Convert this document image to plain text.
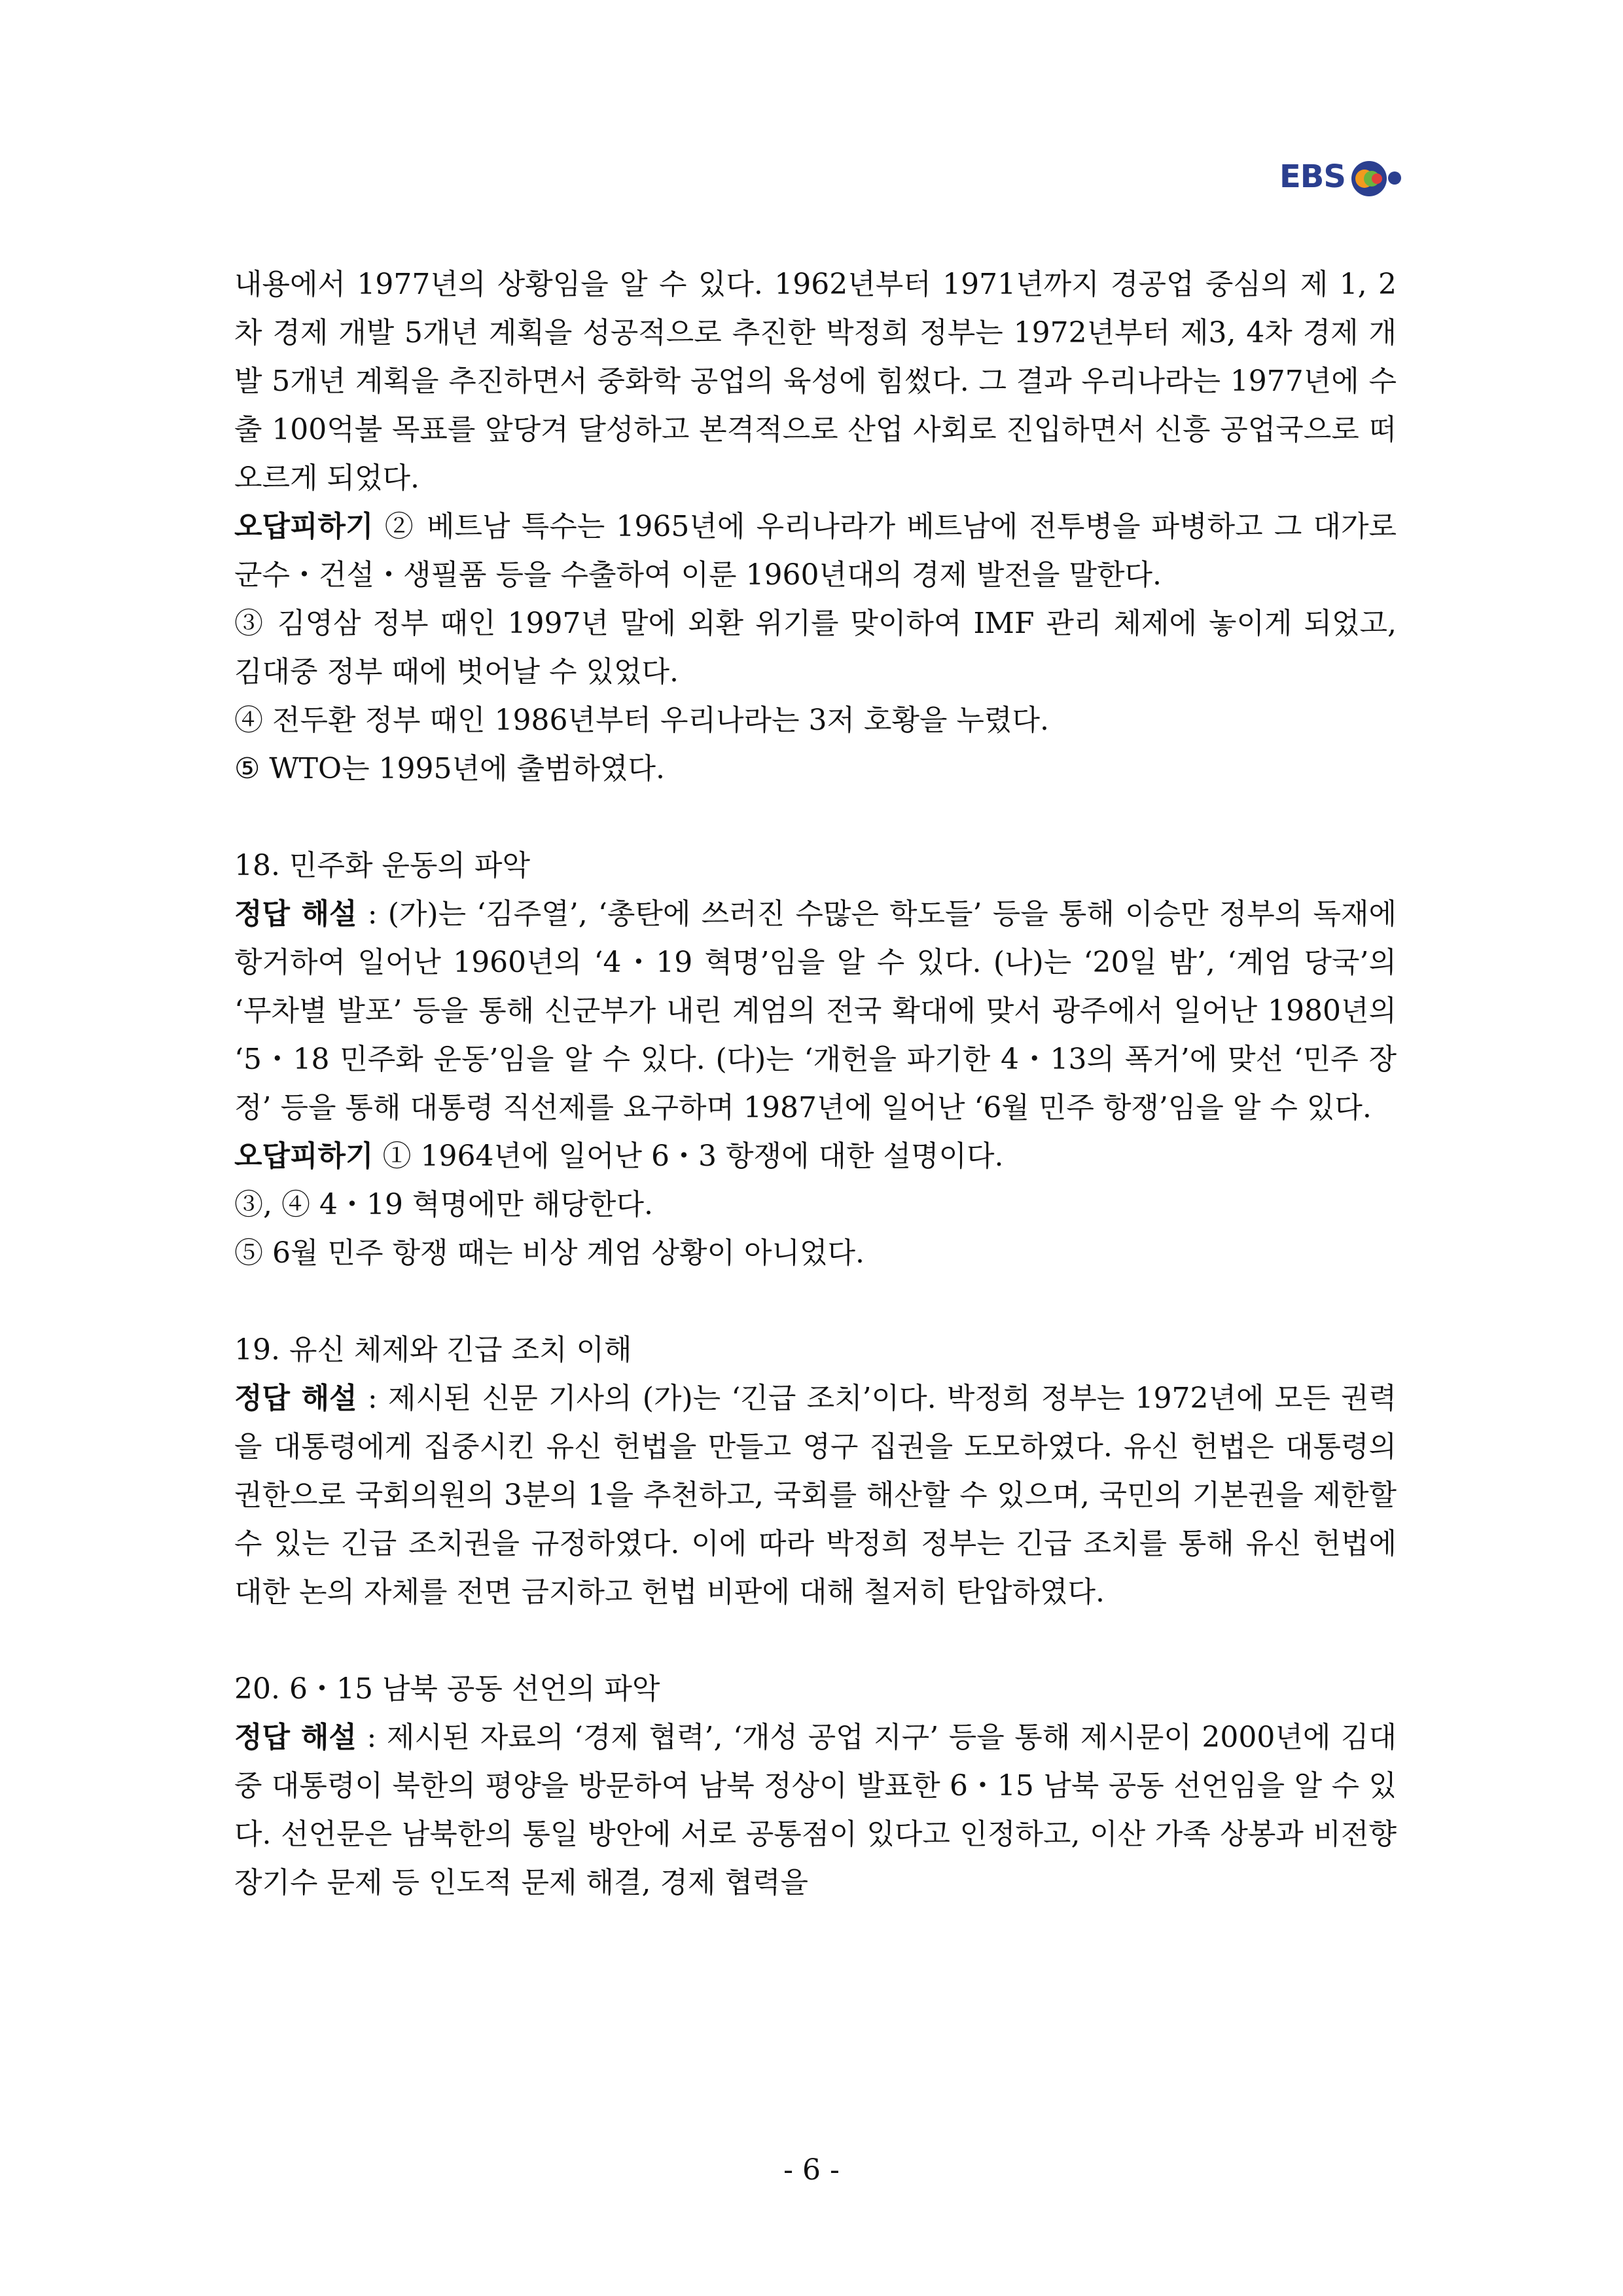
EBS

내용에서 1977년의 상황임을 알 수 있다. 1962년부터 1971년까지 경공업 중심의 제 1, 2차 경제 개발 5개년 계획을 성공적으로 추진한 박정희 정부는 1972년부터 제3, 4차 경제 개발 5개년 계획을 추진하면서 중화학 공업의 육성에 힘썼다. 그 결과 우리나라는 1977년에 수출 100억불 목표를 앞당겨 달성하고 본격적으로 산업 사회로 진입하면서 신흥 공업국으로 떠오르게 되었다.

오답피하기 ② 베트남 특수는 1965년에 우리나라가 베트남에 전투병을 파병하고 그 대가로 군수・건설・생필품 등을 수출하여 이룬 1960년대의 경제 발전을 말한다.

③ 김영삼 정부 때인 1997년 말에 외환 위기를 맞이하여 IMF 관리 체제에 놓이게 되었고, 김대중 정부 때에 벗어날 수 있었다.

④ 전두환 정부 때인 1986년부터 우리나라는 3저 호황을 누렸다.

⑤ WTO는 1995년에 출범하였다.

18. 민주화 운동의 파악

정답 해설 : (가)는 ‘김주열’, ‘총탄에 쓰러진 수많은 학도들’ 등을 통해 이승만 정부의 독재에 항거하여 일어난 1960년의 ‘4・19 혁명’임을 알 수 있다. (나)는 ‘20일 밤’, ‘계엄 당국’의 ‘무차별 발포’ 등을 통해 신군부가 내린 계엄의 전국 확대에 맞서 광주에서 일어난 1980년의 ‘5・18 민주화 운동’임을 알 수 있다. (다)는 ‘개헌을 파기한 4・13의 폭거’에 맞선 ‘민주 장정’ 등을 통해 대통령 직선제를 요구하며 1987년에 일어난 ‘6월 민주 항쟁’임을 알 수 있다.

오답피하기 ① 1964년에 일어난 6・3 항쟁에 대한 설명이다.

③, ④ 4・19 혁명에만 해당한다.

⑤ 6월 민주 항쟁 때는 비상 계엄 상황이 아니었다.

19. 유신 체제와 긴급 조치 이해

정답 해설 : 제시된 신문 기사의 (가)는 ‘긴급 조치’이다. 박정희 정부는 1972년에 모든 권력을 대통령에게 집중시킨 유신 헌법을 만들고 영구 집권을 도모하였다. 유신 헌법은 대통령의 권한으로 국회의원의 3분의 1을 추천하고, 국회를 해산할 수 있으며, 국민의 기본권을 제한할 수 있는 긴급 조치권을 규정하였다. 이에 따라 박정희 정부는 긴급 조치를 통해 유신 헌법에 대한 논의 자체를 전면 금지하고 헌법 비판에 대해 철저히 탄압하였다.

20. 6・15 남북 공동 선언의 파악

정답 해설 : 제시된 자료의 ‘경제 협력’, ‘개성 공업 지구’ 등을 통해 제시문이 2000년에 김대중 대통령이 북한의 평양을 방문하여 남북 정상이 발표한 6・15 남북 공동 선언임을 알 수 있다. 선언문은 남북한의 통일 방안에 서로 공통점이 있다고 인정하고, 이산 가족 상봉과 비전향 장기수 문제 등 인도적 문제 해결, 경제 협력을

- 6 -
